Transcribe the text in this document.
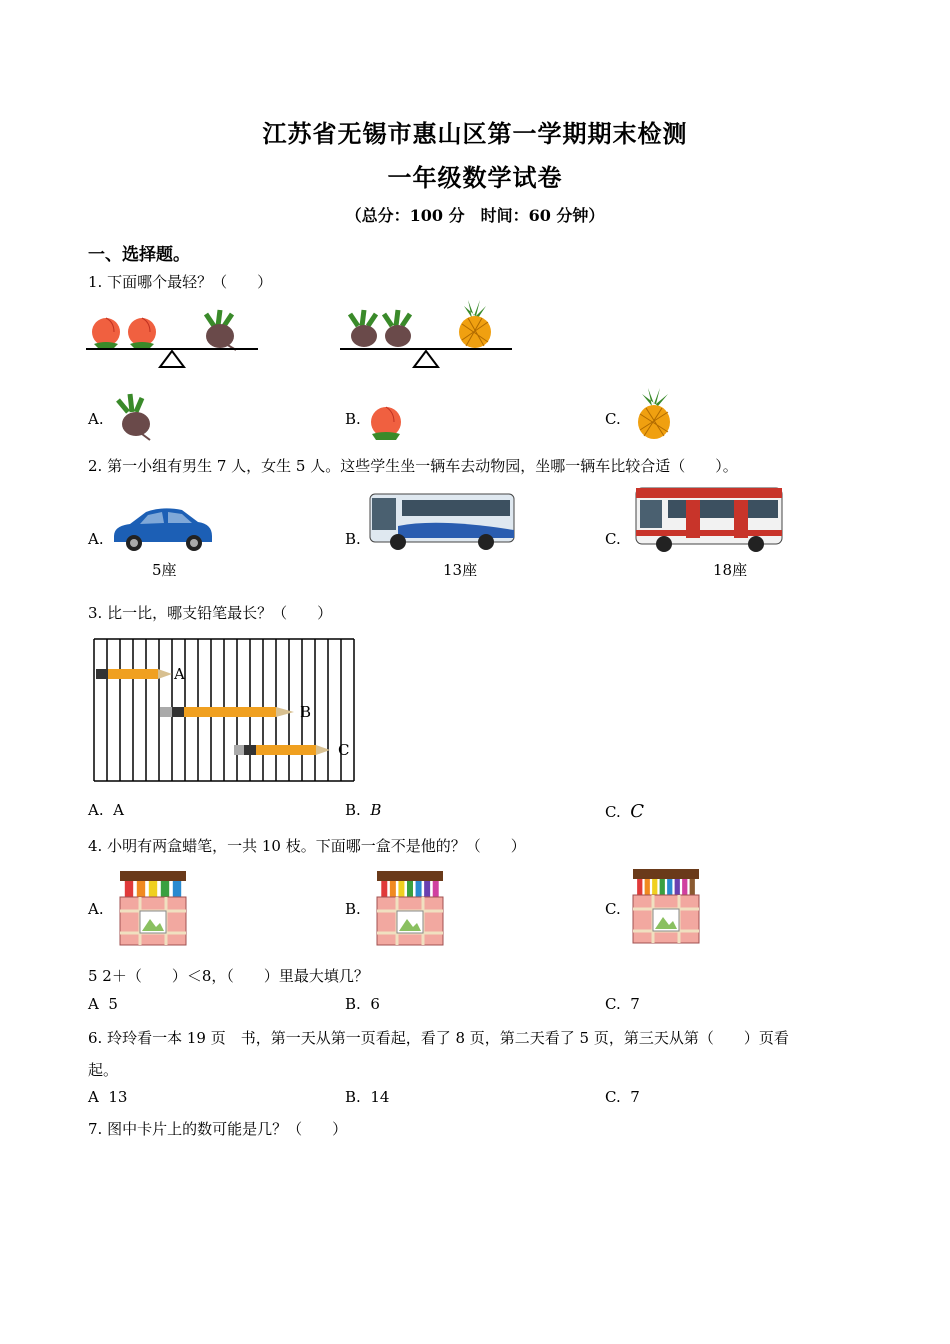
江苏省无锡市惠山区第一学期期末检测
一年级数学试卷
（总分：100 分　时间：60 分钟）
一、选择题。
1. 下面哪个最轻？（　　）
A.	B.	C.
2. 第一小组有男生 7 人，女生 5 人。这些学生坐一辆车去动物园，坐哪一辆车比较合适（　　）。
A.
5座
B.
13座
C.
18座
3. 比一比，哪支铅笔最长？（　　）
A
B
C
A. A	B. B	C. C
4. 小明有两盒蜡笔，一共 10 枝。下面哪一盒不是他的？（　　）
A.	B.	C.
5 2＋（　　）＜8，（　　）里最大填几？
A 5	B. 6	C. 7
6. 玲玲看一本 19 页　书，第一天从第一页看起，看了 8 页，第二天看了 5 页，第三天从第（　　）页看
起。
A 13	B. 14	C. 7
7. 图中卡片上的数可能是几？（　　）
